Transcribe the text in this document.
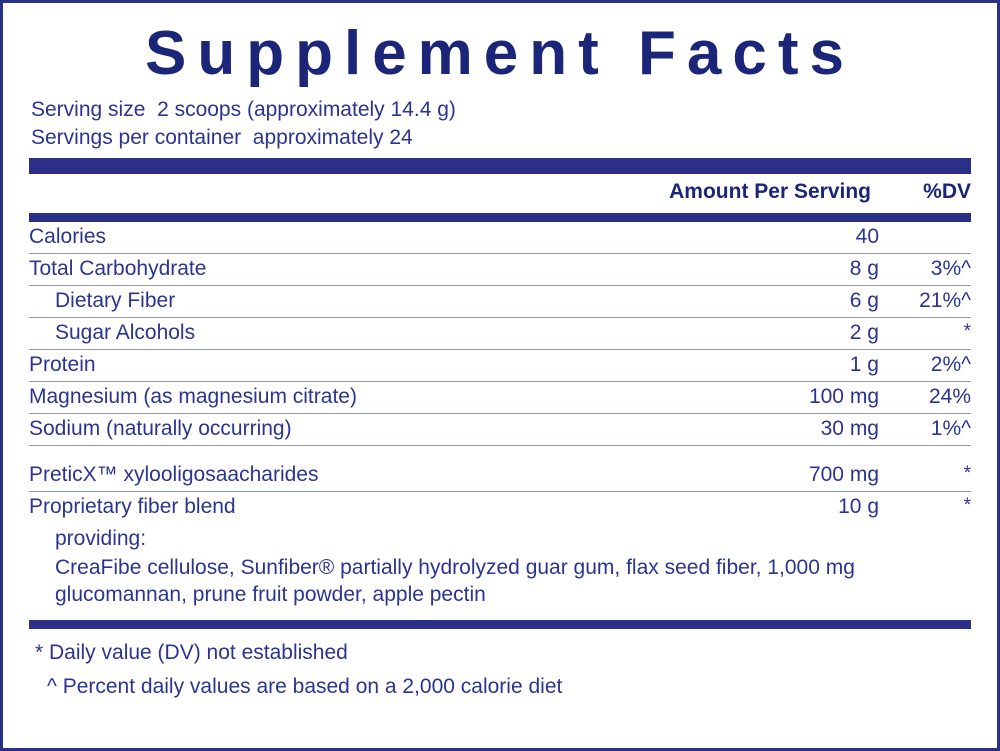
Supplement Facts
Serving size 2 scoops (approximately 14.4 g)
Servings per container approximately 24
Amount Per Serving	%DV
Calories	40	
Total Carbohydrate	8 g	3%^
Dietary Fiber	6 g	21%^
Sugar Alcohols	2 g	*
Protein	1 g	2%^
Magnesium (as magnesium citrate)	100 mg	24%
Sodium (naturally occurring)	30 mg	1%^
PreticX™ xylooligosaacharides	700 mg	*
Proprietary fiber blend	10 g	*
providing:
CreaFibe cellulose, Sunfiber® partially hydrolyzed guar gum, flax seed fiber, 1,000 mg glucomannan, prune fruit powder, apple pectin
* Daily value (DV) not established
^ Percent daily values are based on a 2,000 calorie diet
